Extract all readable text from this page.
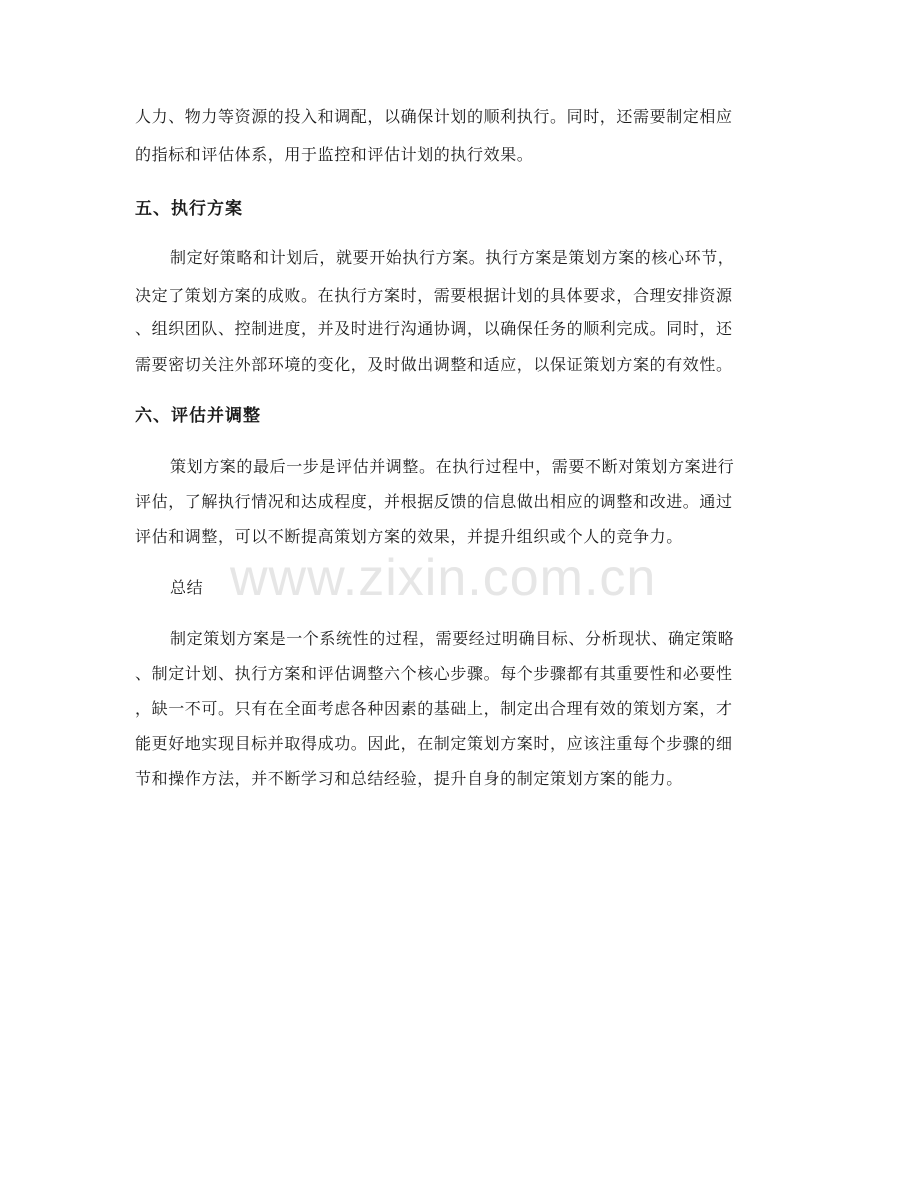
www.zixin.com.cn

人力、物力等资源的投入和调配，以确保计划的顺利执行。同时，还需要制定相应

的指标和评估体系，用于监控和评估计划的执行效果。

五、执行方案

制定好策略和计划后，就要开始执行方案。执行方案是策划方案的核心环节，

决定了策划方案的成败。在执行方案时，需要根据计划的具体要求，合理安排资源

、组织团队、控制进度，并及时进行沟通协调，以确保任务的顺利完成。同时，还

需要密切关注外部环境的变化，及时做出调整和适应，以保证策划方案的有效性。

六、评估并调整

策划方案的最后一步是评估并调整。在执行过程中，需要不断对策划方案进行

评估，了解执行情况和达成程度，并根据反馈的信息做出相应的调整和改进。通过

评估和调整，可以不断提高策划方案的效果，并提升组织或个人的竞争力。

总结

制定策划方案是一个系统性的过程，需要经过明确目标、分析现状、确定策略

、制定计划、执行方案和评估调整六个核心步骤。每个步骤都有其重要性和必要性

，缺一不可。只有在全面考虑各种因素的基础上，制定出合理有效的策划方案，才

能更好地实现目标并取得成功。因此，在制定策划方案时，应该注重每个步骤的细

节和操作方法，并不断学习和总结经验，提升自身的制定策划方案的能力。
